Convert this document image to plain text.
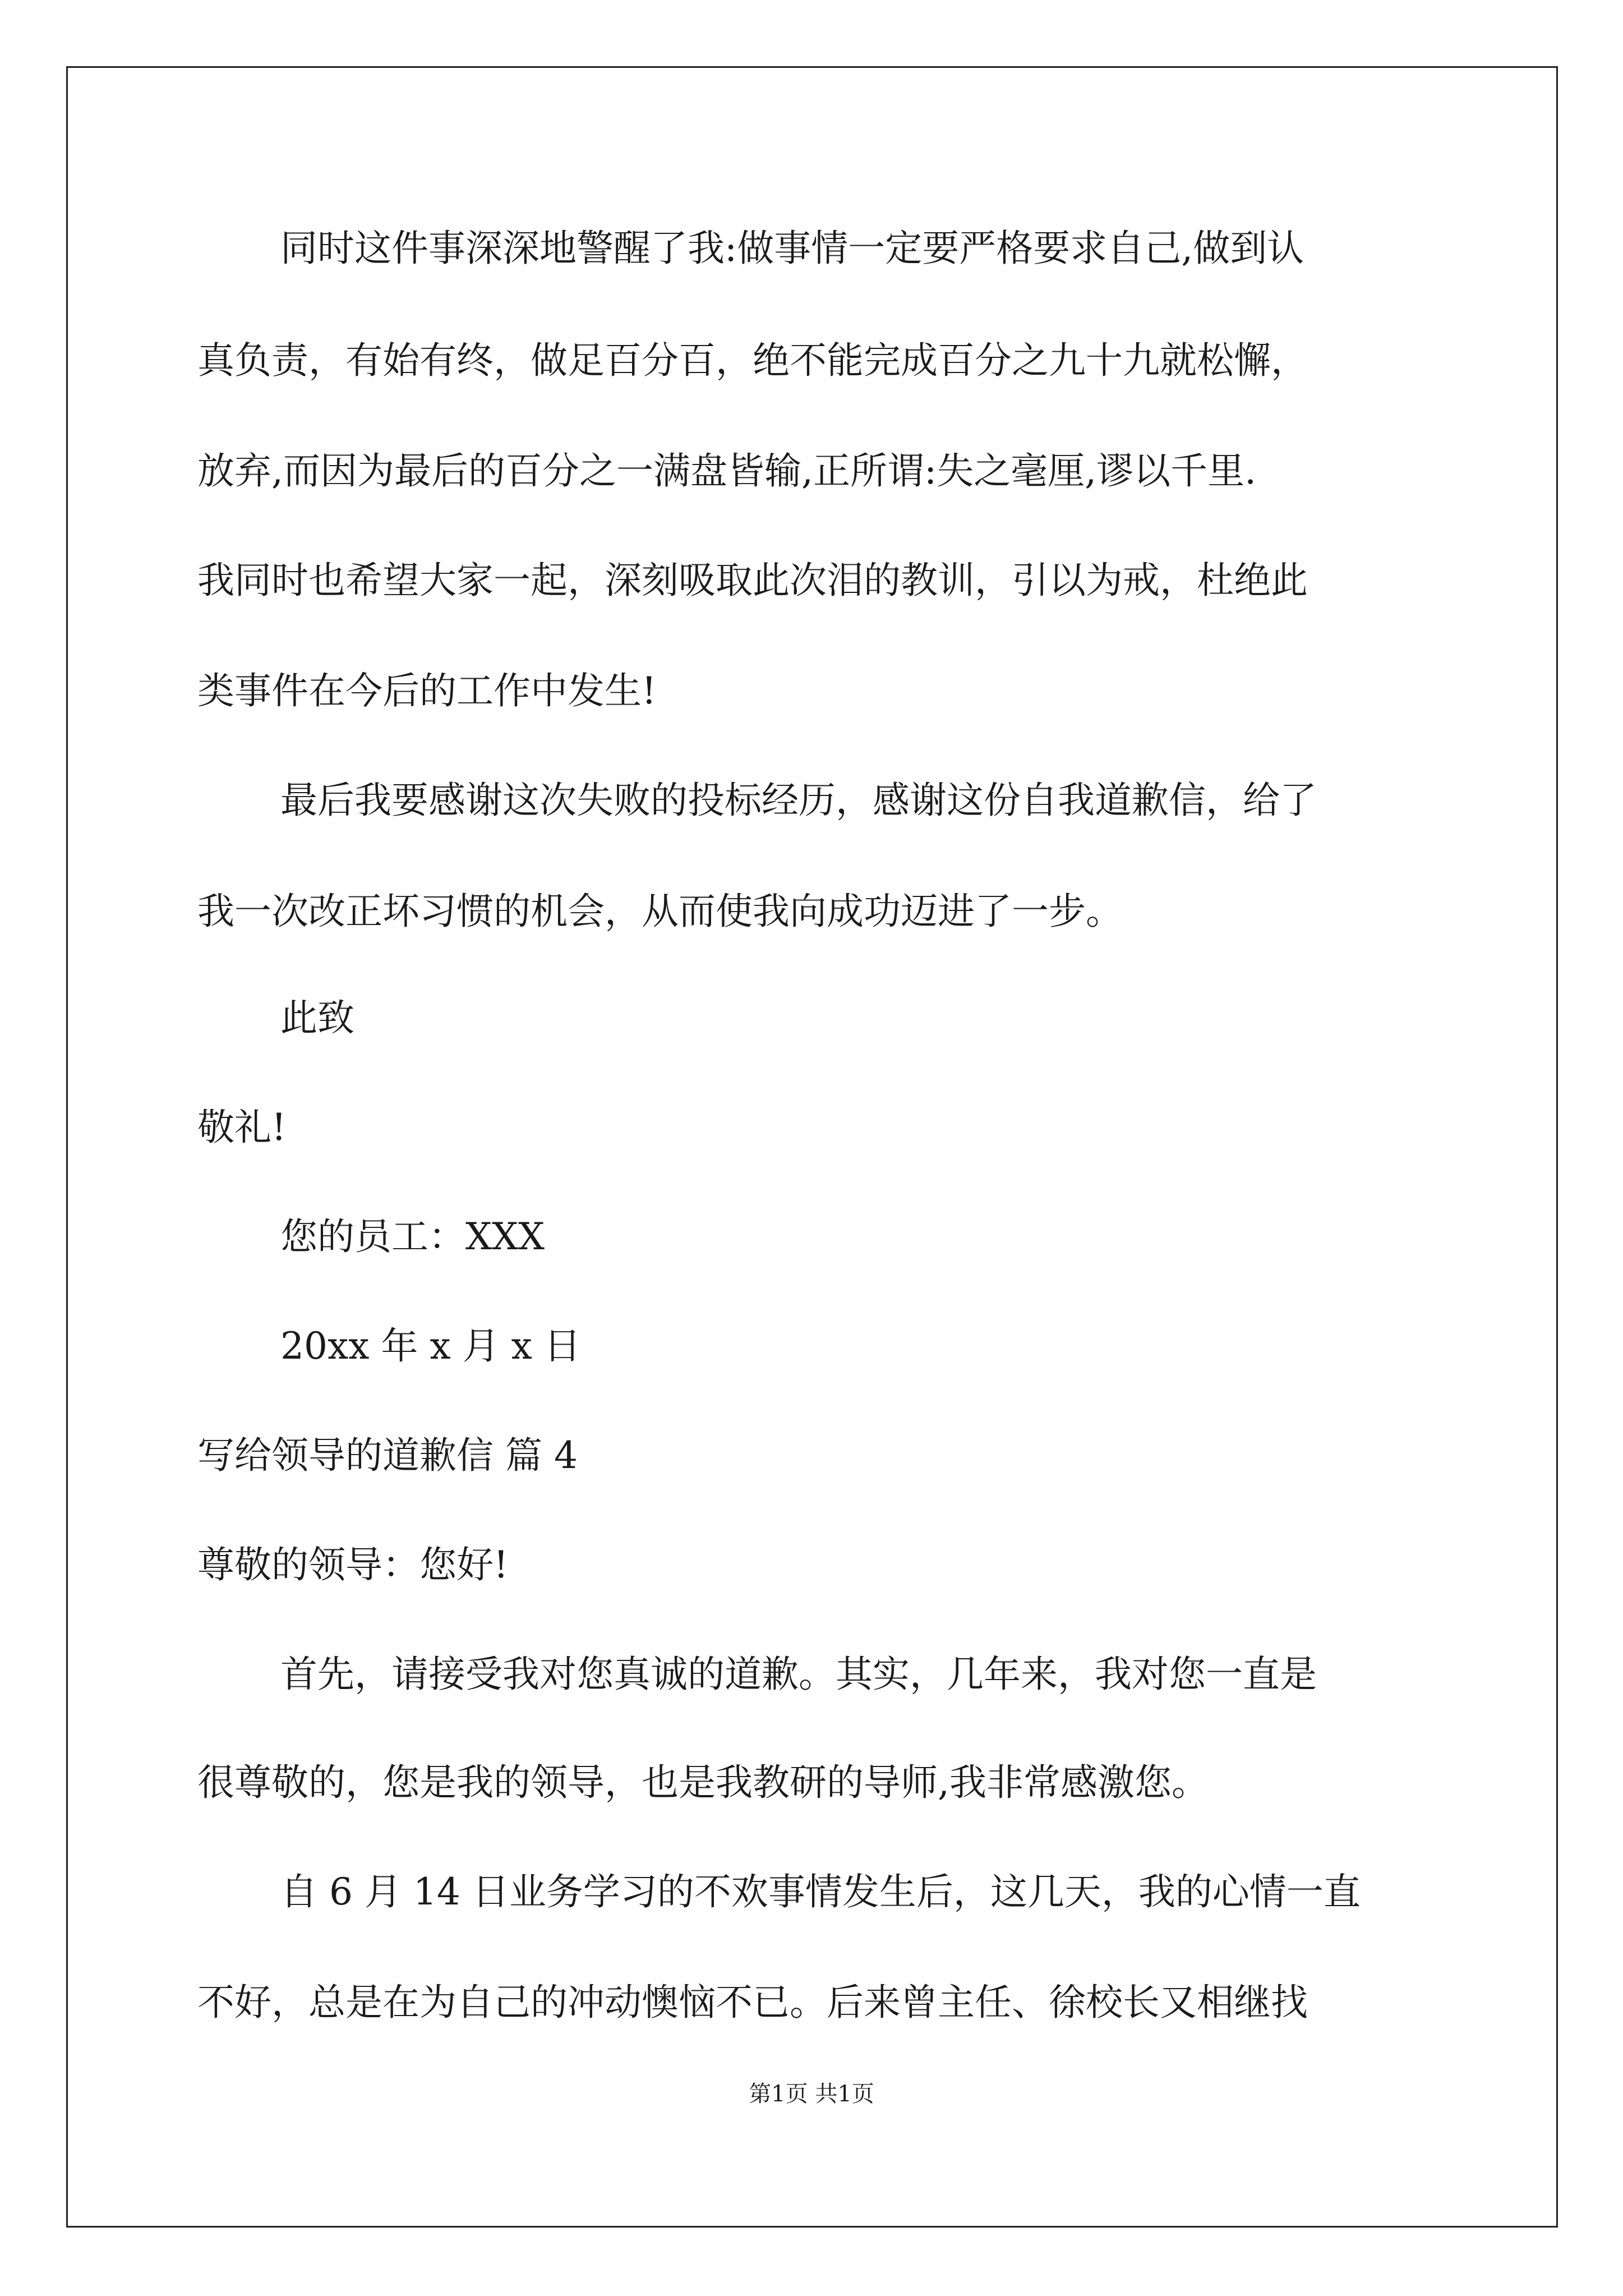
同时这件事深深地警醒了我:做事情一定要严格要求自己,做到认
真负责，有始有终，做足百分百，绝不能完成百分之九十九就松懈，
放弃,而因为最后的百分之一满盘皆输,正所谓:失之毫厘,谬以千里.
我同时也希望大家一起，深刻吸取此次泪的教训，引以为戒，杜绝此
类事件在今后的工作中发生!
最后我要感谢这次失败的投标经历，感谢这份自我道歉信，给了
我一次改正坏习惯的机会，从而使我向成功迈进了一步。
此致
敬礼!
您的员工：XXX
20xx 年 x 月 x 日
写给领导的道歉信 篇 4
尊敬的领导：您好!
首先，请接受我对您真诚的道歉。其实，几年来，我对您一直是
很尊敬的，您是我的领导，也是我教研的导师,我非常感激您。
自 6 月 14 日业务学习的不欢事情发生后，这几天，我的心情一直
不好，总是在为自己的冲动懊恼不已。后来曾主任、徐校长又相继找
第1页 共1页
